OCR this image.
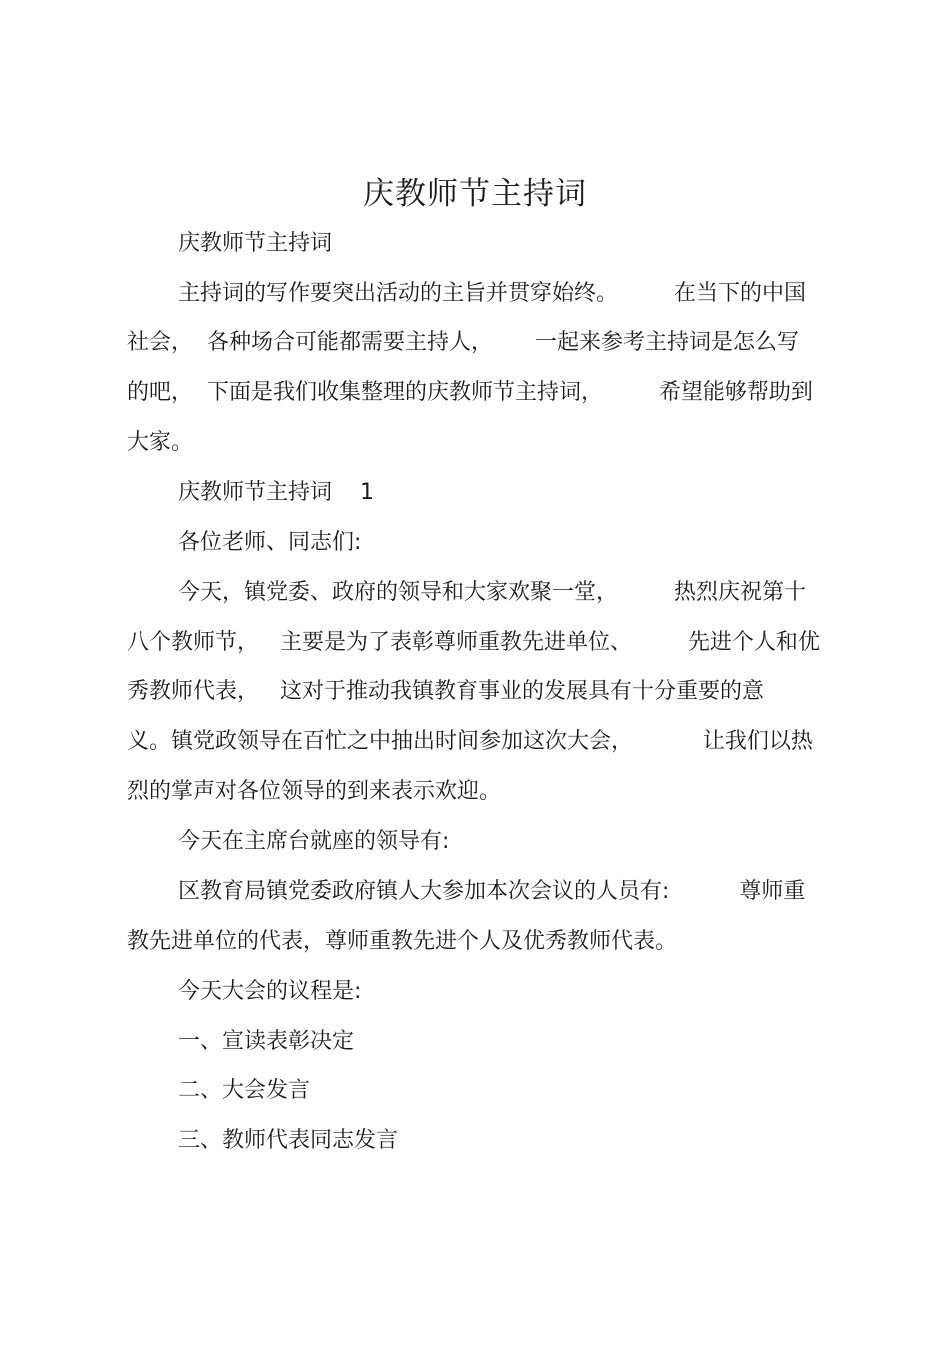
庆教师节主持词
庆教师节主持词
主持词的写作要突出活动的主旨并贯穿始终。        在当下的中国
社会，  各种场合可能都需要主持人，      一起来参考主持词是怎么写
的吧，  下面是我们收集整理的庆教师节主持词，        希望能够帮助到
大家。
庆教师节主持词    1
各位老师、同志们:
今天，镇党委、政府的领导和大家欢聚一堂，        热烈庆祝第十
八个教师节，   主要是为了表彰尊师重教先进单位、        先进个人和优
秀教师代表，   这对于推动我镇教育事业的发展具有十分重要的意
义。镇党政领导在百忙之中抽出时间参加这次大会，          让我们以热
烈的掌声对各位领导的到来表示欢迎。
今天在主席台就座的领导有:
区教育局镇党委政府镇人大参加本次会议的人员有:          尊师重
教先进单位的代表，尊师重教先进个人及优秀教师代表。
今天大会的议程是:
一、宣读表彰决定
二、大会发言
三、教师代表同志发言
